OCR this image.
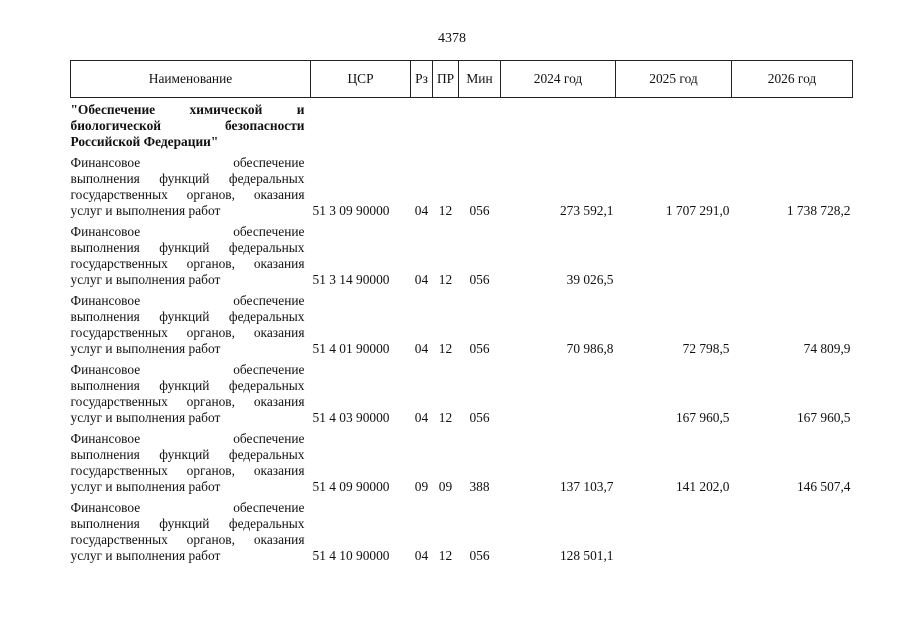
4378
Наименование	ЦСР	Рз	ПР	Мин	2024 год	2025 год	2026 год

"Обеспечение химической и
биологической безопасности
Российской Федерации"							

Финансовое обеспечение
выполнения функций федеральных
государственных органов, оказания
услуг и выполнения работ	51 3 09 90000	04	12	056	273 592,1	1 707 291,0	1 738 728,2

Финансовое обеспечение
выполнения функций федеральных
государственных органов, оказания
услуг и выполнения работ	51 3 14 90000	04	12	056	39 026,5		

Финансовое обеспечение
выполнения функций федеральных
государственных органов, оказания
услуг и выполнения работ	51 4 01 90000	04	12	056	70 986,8	72 798,5	74 809,9

Финансовое обеспечение
выполнения функций федеральных
государственных органов, оказания
услуг и выполнения работ	51 4 03 90000	04	12	056		167 960,5	167 960,5

Финансовое обеспечение
выполнения функций федеральных
государственных органов, оказания
услуг и выполнения работ	51 4 09 90000	09	09	388	137 103,7	141 202,0	146 507,4

Финансовое обеспечение
выполнения функций федеральных
государственных органов, оказания
услуг и выполнения работ	51 4 10 90000	04	12	056	128 501,1		
